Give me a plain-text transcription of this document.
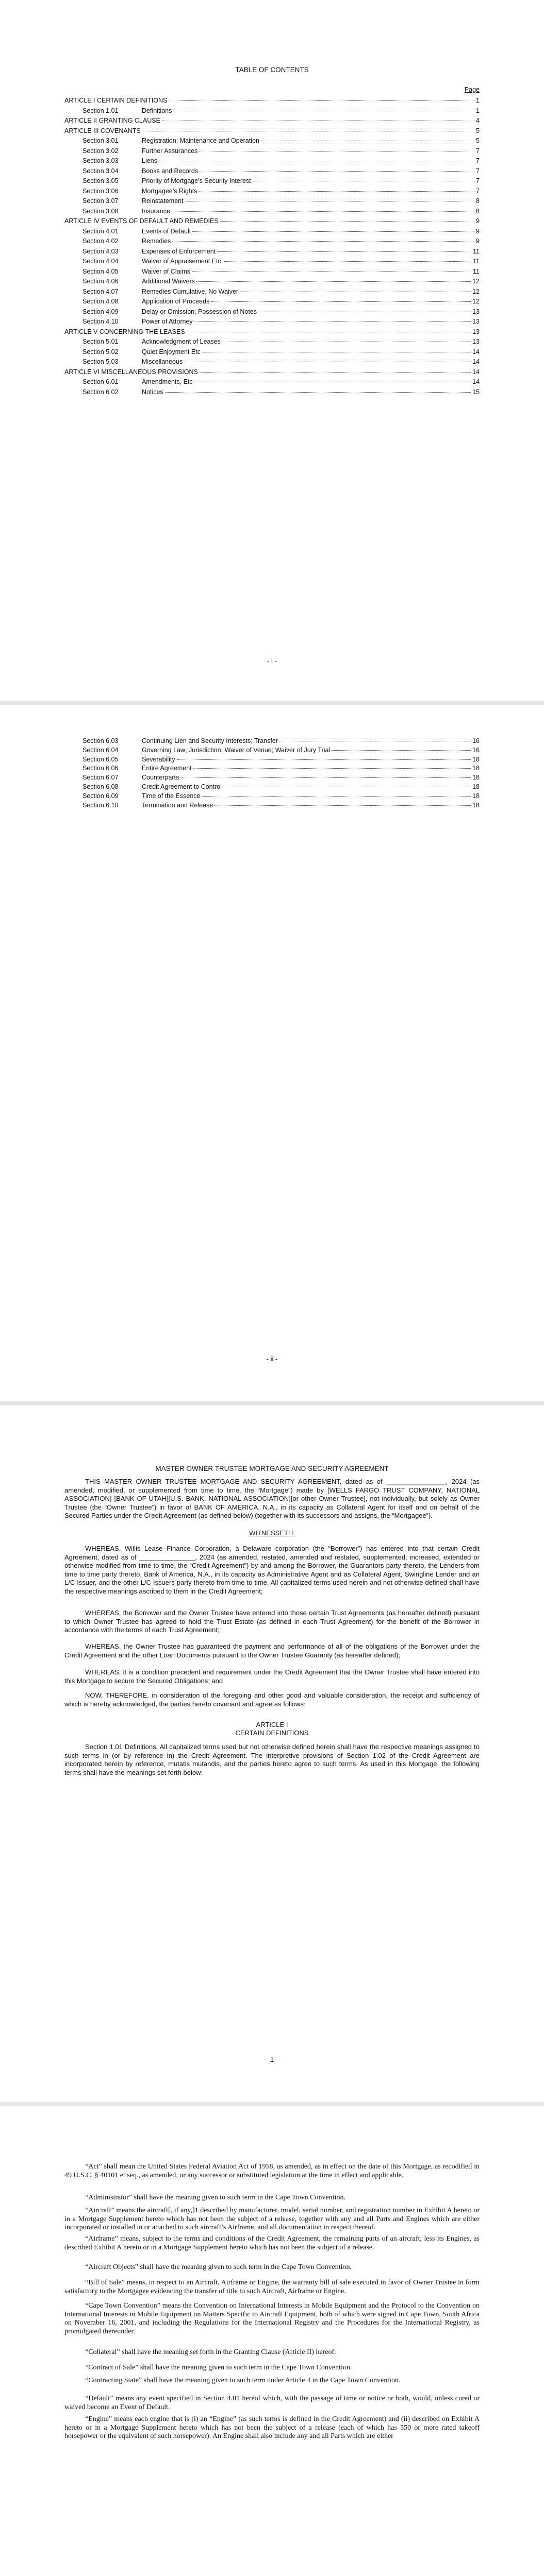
TABLE OF CONTENTS
Page
ARTICLE I CERTAIN DEFINITIONS	1
Section 1.01	Definitions	1
ARTICLE II GRANTING CLAUSE	4
ARTICLE III COVENANTS	5
Section 3.01	Registration; Maintenance and Operation	5
Section 3.02	Further Assurances	7
Section 3.03	Liens	7
Section 3.04	Books and Records	7
Section 3.05	Priority of Mortgage’s Security Interest	7
Section 3.06	Mortgagee’s Rights	7
Section 3.07	Reinstatement	8
Section 3.08	Insurance	8
ARTICLE IV EVENTS OF DEFAULT AND REMEDIES	9
Section 4.01	Events of Default	9
Section 4.02	Remedies	9
Section 4.03	Expenses of Enforcement	11
Section 4.04	Waiver of Appraisement Etc.	11
Section 4.05	Waiver of Claims	11
Section 4.06	Additional Waivers	12
Section 4.07	Remedies Cumulative, No Waiver	12
Section 4.08	Application of Proceeds	12
Section 4.09	Delay or Omission; Possession of Notes	13
Section 4.10	Power of Attorney	13
ARTICLE V CONCERNING THE LEASES	13
Section 5.01	Acknowledgment of Leases	13
Section 5.02	Quiet Enjoyment Etc	14
Section 5.03	Miscellaneous	14
ARTICLE VI MISCELLANEOUS PROVISIONS	14
Section 6.01	Amendments, Etc	14
Section 6.02	Notices	15
- i -
Section 6.03	Continuing Lien and Security Interests; Transfer	16
Section 6.04	Governing Law; Jurisdiction; Waiver of Venue; Waiver of Jury Trial	16
Section 6.05	Severability	18
Section 6.06	Entire Agreement	18
Section 6.07	Counterparts	18
Section 6.08	Credit Agreement to Control	18
Section 6.09	Time of the Essence	18
Section 6.10	Termination and Release	18
- ii -
MASTER OWNER TRUSTEE MORTGAGE AND SECURITY AGREEMENT

THIS MASTER OWNER TRUSTEE MORTGAGE AND SECURITY AGREEMENT, dated as of ________________, 2024 (as amended, modified, or supplemented from time to time, the “Mortgage”) made by [WELLS FARGO TRUST COMPANY, NATIONAL ASSOCIATION] [BANK OF UTAH][U.S. BANK, NATIONAL ASSOCIATION][or other Owner Trustee], not individually, but solely as Owner Trustee (the “Owner Trustee”) in favor of BANK OF AMERICA, N.A., in its capacity as Collateral Agent for itself and on behalf of the Secured Parties under the Credit Agreement (as defined below) (together with its successors and assigns, the “Mortgagee”).

WITNESSETH:

WHEREAS, Willis Lease Finance Corporation, a Delaware corporation (the “Borrower”) has entered into that certain Credit Agreement, dated as of _______________, 2024 (as amended, restated, amended and restated, supplemented, increased, extended or otherwise modified from time to time, the “Credit Agreement”) by and among the Borrower, the Guarantors party thereto, the Lenders from time to time party thereto, Bank of America, N.A., in its capacity as Administrative Agent and as Collateral Agent, Swingline Lender and an L/C Issuer, and the other L/C Issuers party thereto from time to time. All capitalized terms used herein and not otherwise defined shall have the respective meanings ascribed to them in the Credit Agreement;

WHEREAS, the Borrower and the Owner Trustee have entered into those certain Trust Agreements (as hereafter defined) pursuant to which Owner Trustee has agreed to hold the Trust Estate (as defined in each Trust Agreement) for the benefit of the Borrower in accordance with the terms of each Trust Agreement;

WHEREAS, the Owner Trustee has guaranteed the payment and performance of all of the obligations of the Borrower under the Credit Agreement and the other Loan Documents pursuant to the Owner Trustee Guaranty (as hereafter defined);

WHEREAS, it is a condition precedent and requirement under the Credit Agreement that the Owner Trustee shall have entered into this Mortgage to secure the Secured Obligations; and

NOW, THEREFORE, in consideration of the foregoing and other good and valuable consideration, the receipt and sufficiency of which is hereby acknowledged, the parties hereto covenant and agree as follows:

ARTICLE I
CERTAIN DEFINITIONS

Section 1.01 Definitions. All capitalized terms used but not otherwise defined herein shall have the respective meanings assigned to such terms in (or by reference in) the Credit Agreement. The interpretive provisions of Section 1.02 of the Credit Agreement are incorporated herein by reference, mutatis mutandis, and the parties hereto agree to such terms. As used in this Mortgage, the following terms shall have the meanings set forth below:

- 1 -

“Act” shall mean the United States Federal Aviation Act of 1958, as amended, as in effect on the date of this Mortgage, as recodified in 49 U.S.C. § 40101 et seq., as amended, or any successor or substituted legislation at the time in effect and applicable.

“Administrator” shall have the meaning given to such term in the Cape Town Convention.

“Aircraft” means the aircraft[, if any,]1 described by manufacturer, model, serial number, and registration number in Exhibit A hereto or in a Mortgage Supplement hereto which has not been the subject of a release, together with any and all Parts and Engines which are either incorporated or installed in or attached to such aircraft’s Airframe, and all documentation in respect thereof.

“Airframe” means, subject to the terms and conditions of the Credit Agreement, the remaining parts of an aircraft, less its Engines, as described Exhibit A hereto or in a Mortgage Supplement hereto which has not been the subject of a release.

“Aircraft Objects” shall have the meaning given to such term in the Cape Town Convention.

“Bill of Sale” means, in respect to an Aircraft, Airframe or Engine, the warranty bill of sale executed in favor of Owner Trustee in form satisfactory to the Mortgagee evidencing the transfer of title to such Aircraft, Airframe or Engine.

“Cape Town Convention” means the Convention on International Interests in Mobile Equipment and the Protocol to the Convention on International Interests in Mobile Equipment on Matters Specific to Aircraft Equipment, both of which were signed in Cape Town, South Africa on November 16, 2001, and including the Regulations for the International Registry and the Procedures for the International Registry, as promulgated thereunder.

“Collateral” shall have the meaning set forth in the Granting Clause (Article II) hereof.

“Contract of Sale” shall have the meaning given to such term in the Cape Town Convention.

“Contracting State” shall have the meaning given to such term under Article 4 in the Cape Town Convention.

“Default” means any event specified in Section 4.01 hereof which, with the passage of time or notice or both, would, unless cured or waived become an Event of Default.

“Engine” means each engine that is (i) an “Engine” (as such terms is defined in the Credit Agreement) and (ii) described on Exhibit A hereto or in a Mortgage Supplement hereto which has not been the subject of a release (each of which has 550 or more rated takeoff horsepower or the equivalent of such horsepower). An Engine shall also include any and all Parts which are either
